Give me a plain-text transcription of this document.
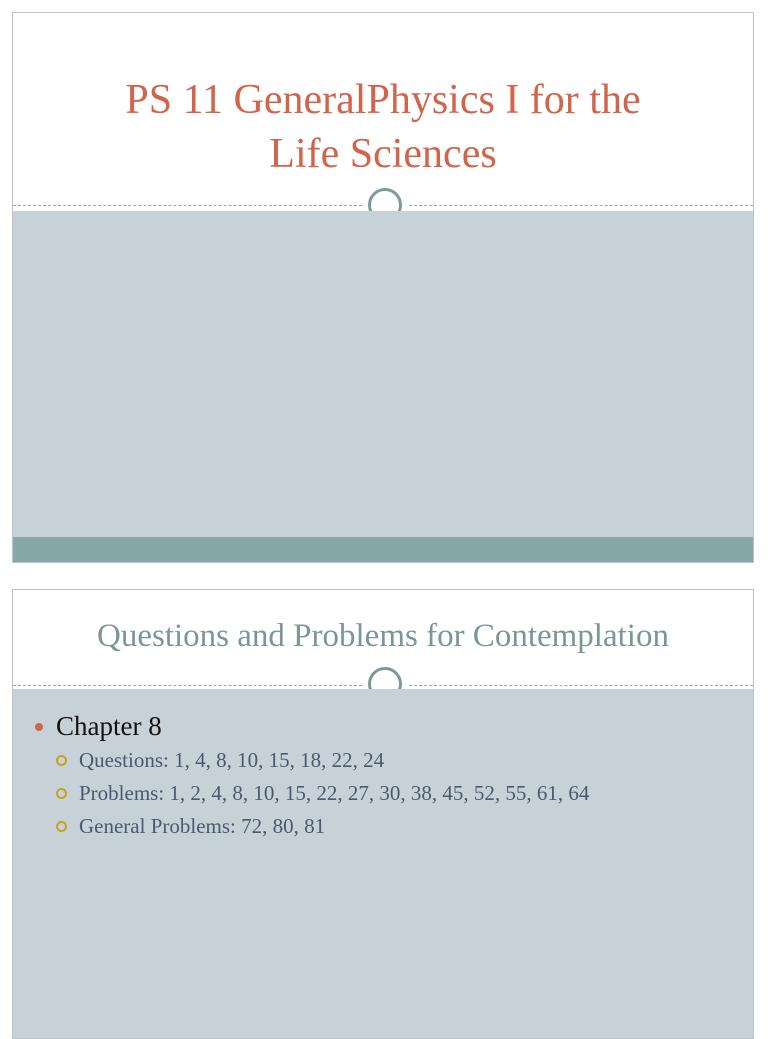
PS 11 GeneralPhysics I for the
Life Sciences
Questions and Problems for Contemplation
Chapter 8
Questions: 1, 4, 8, 10, 15, 18, 22, 24
Problems: 1, 2, 4, 8, 10, 15, 22, 27, 30, 38, 45, 52, 55, 61, 64
General Problems: 72, 80, 81
